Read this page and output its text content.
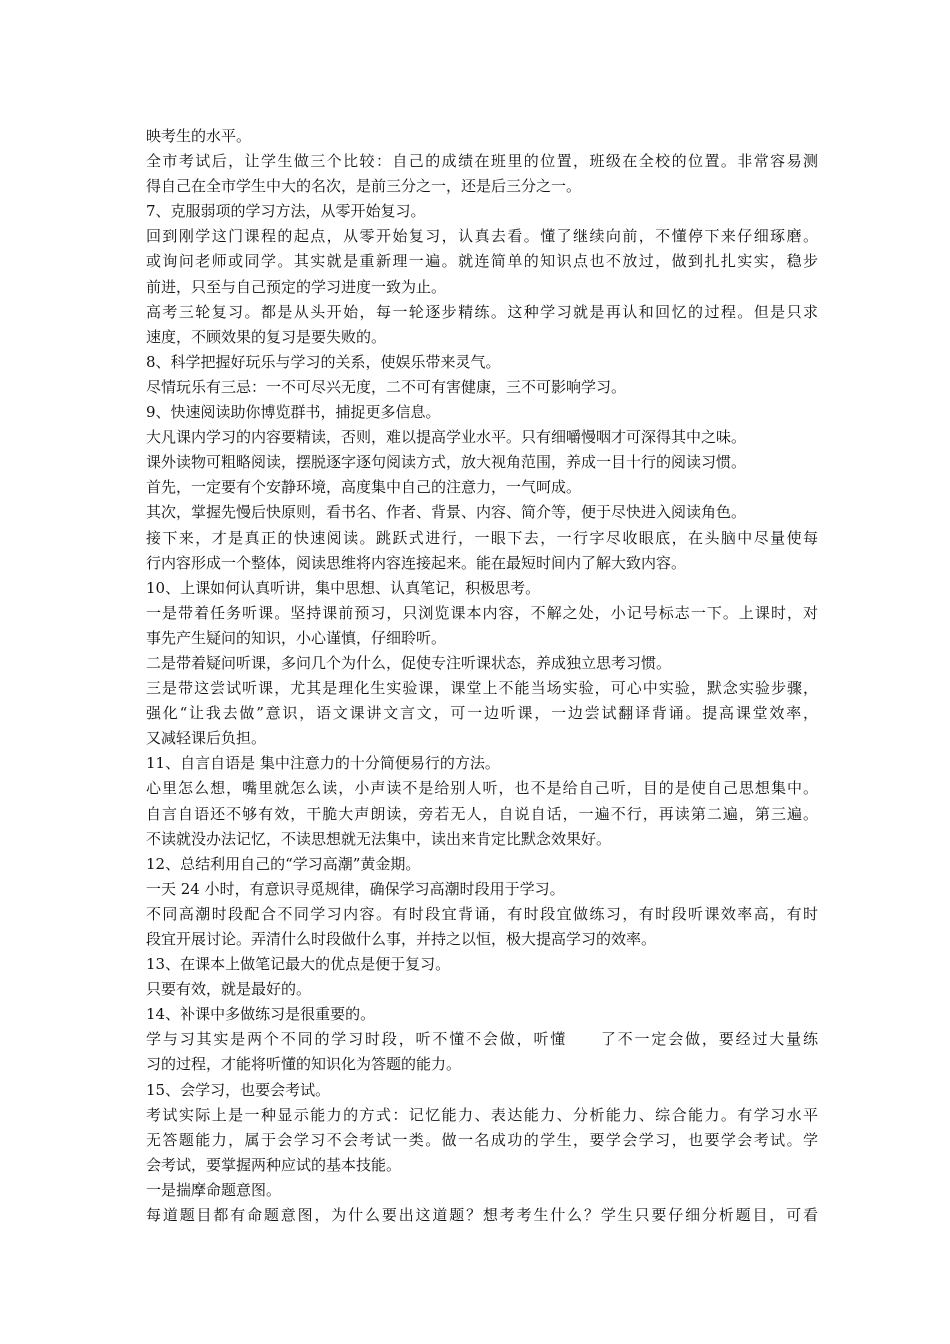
映考生的水平。
全市考试后，让学生做三个比较：自己的成绩在班里的位置，班级在全校的位置。非常容易测
得自己在全市学生中大的名次，是前三分之一，还是后三分之一。
7、克服弱项的学习方法，从零开始复习。
回到刚学这门课程的起点，从零开始复习，认真去看。懂了继续向前，不懂停下来仔细琢磨。
或询问老师或同学。其实就是重新理一遍。就连简单的知识点也不放过，做到扎扎实实，稳步
前进，只至与自己预定的学习进度一致为止。
高考三轮复习。都是从头开始，每一轮逐步精练。这种学习就是再认和回忆的过程。但是只求
速度，不顾效果的复习是要失败的。
8、科学把握好玩乐与学习的关系，使娱乐带来灵气。
尽情玩乐有三忌：一不可尽兴无度，二不可有害健康，三不可影响学习。
9、快速阅读助你博览群书，捕捉更多信息。
大凡课内学习的内容要精读，否则，难以提高学业水平。只有细嚼慢咽才可深得其中之味。
课外读物可粗略阅读，摆脱逐字逐句阅读方式，放大视角范围，养成一目十行的阅读习惯。
首先，一定要有个安静环境，高度集中自己的注意力，一气呵成。
其次，掌握先慢后快原则，看书名、作者、背景、内容、简介等，便于尽快进入阅读角色。
接下来，才是真正的快速阅读。跳跃式进行，一眼下去，一行字尽收眼底，在头脑中尽量使每
行内容形成一个整体，阅读思维将内容连接起来。能在最短时间内了解大致内容。
10、上课如何认真听讲，集中思想、认真笔记，积极思考。
一是带着任务听课。坚持课前预习，只浏览课本内容，不解之处，小记号标志一下。上课时，对
事先产生疑问的知识，小心谨慎，仔细聆听。
二是带着疑问听课，多问几个为什么，促使专注听课状态，养成独立思考习惯。
三是带这尝试听课，尤其是理化生实验课，课堂上不能当场实验，可心中实验，默念实验步骤，
强化“让我去做”意识，语文课讲文言文，可一边听课，一边尝试翻译背诵。提高课堂效率，
又减轻课后负担。
11、自言自语是 集中注意力的十分简便易行的方法。
心里怎么想，嘴里就怎么读，小声读不是给别人听，也不是给自己听，目的是使自己思想集中。
自言自语还不够有效，干脆大声朗读，旁若无人，自说自话，一遍不行，再读第二遍，第三遍。
不读就没办法记忆，不读思想就无法集中，读出来肯定比默念效果好。
12、总结利用自己的“学习高潮”黄金期。
一天 24 小时，有意识寻觅规律，确保学习高潮时段用于学习。
不同高潮时段配合不同学习内容。有时段宜背诵，有时段宜做练习，有时段听课效率高，有时
段宜开展讨论。弄清什么时段做什么事，并持之以恒，极大提高学习的效率。
13、在课本上做笔记最大的优点是便于复习。
只要有效，就是最好的。
14、补课中多做练习是很重要的。
学与习其实是两个不同的学习时段，听不懂不会做，听懂　　了不一定会做，要经过大量练
习的过程，才能将听懂的知识化为答题的能力。
15、会学习，也要会考试。
考试实际上是一种显示能力的方式：记忆能力、表达能力、分析能力、综合能力。有学习水平
无答题能力，属于会学习不会考试一类。做一名成功的学生，要学会学习，也要学会考试。学
会考试，要掌握两种应试的基本技能。
一是揣摩命题意图。
每道题目都有命题意图，为什么要出这道题？想考考生什么？学生只要仔细分析题目，可看
